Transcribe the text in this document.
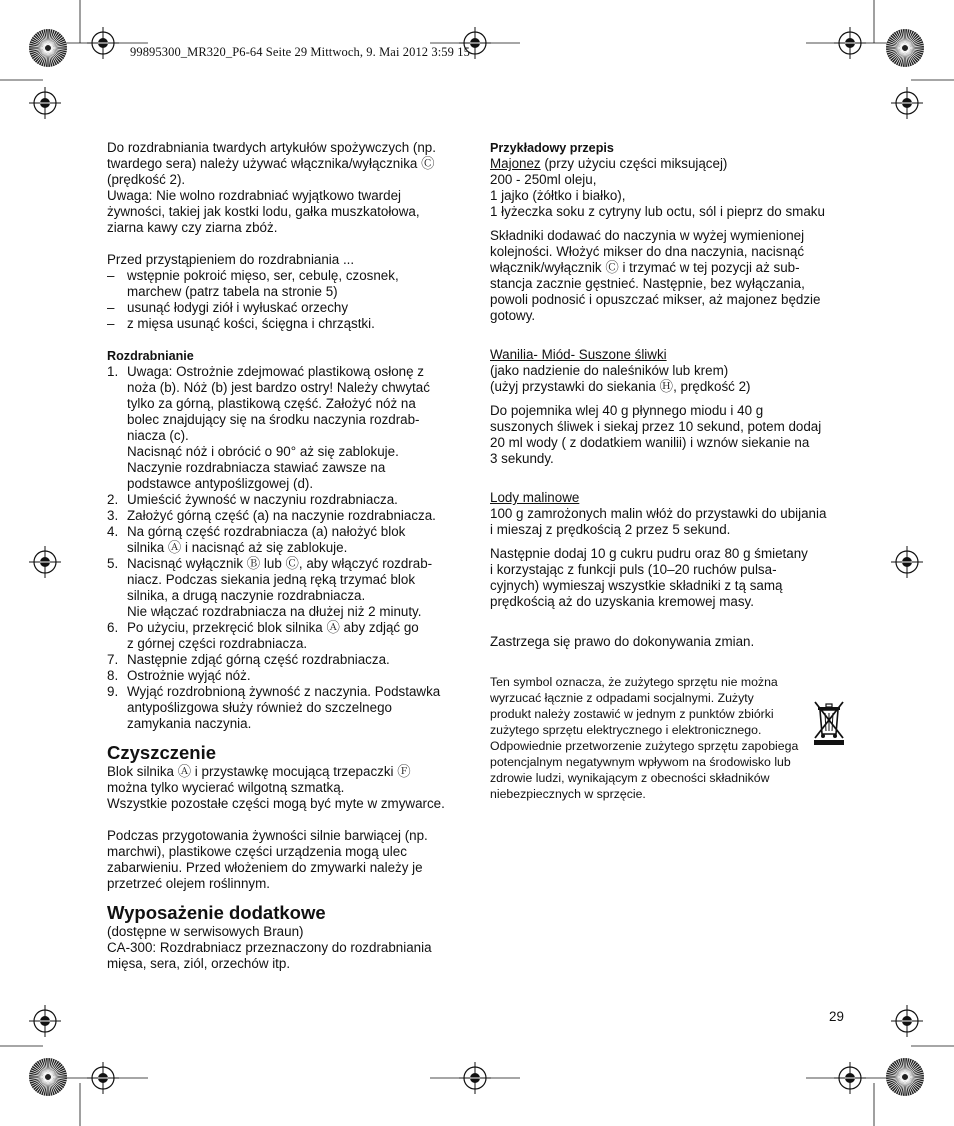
99895300_MR320_P6-64 Seite 29 Mittwoch, 9. Mai 2012 3:59 15
Do rozdrabniania twardych artykułów spożywczych (np.
twardego sera) należy używać włącznika/wyłącznika Ⓒ
(prędkość 2).
Uwaga: Nie wolno rozdrabniać wyjątkowo twardej
żywności, takiej jak kostki lodu, gałka muszkatołowa,
ziarna kawy czy ziarna zbóż.
Przed przystąpieniem do rozdrabniania ...
– wstępnie pokroić mięso, ser, cebulę, czosnek,
marchew (patrz tabela na stronie 5)
– usunąć łodygi ziół i wyłuskać orzechy
– z mięsa usunąć kości, ścięgna i chrząstki.
Rozdrabnianie
1. Uwaga: Ostrożnie zdejmować plastikową osłonę z
noża (b). Nóż (b) jest bardzo ostry! Należy chwytać
tylko za górną, plastikową część. Założyć nóż na
bolec znajdujący się na środku naczynia rozdrab-
niacza (c).
Nacisnąć nóż i obrócić o 90° aż się zablokuje.
Naczynie rozdrabniacza stawiać zawsze na
podstawce antypoślizgowej (d).
2. Umieścić żywność w naczyniu rozdrabniacza.
3. Założyć górną część (a) na naczynie rozdrabniacza.
4. Na górną część rozdrabniacza (a) nałożyć blok
silnika Ⓐ i nacisnąć aż się zablokuje.
5. Nacisnąć wyłącznik Ⓑ lub Ⓒ, aby włączyć rozdrab-
niacz. Podczas siekania jedną ręką trzymać blok
silnika, a drugą naczynie rozdrabniacza.
Nie włączać rozdrabniacza na dłużej niż 2 minuty.
6. Po użyciu, przekręcić blok silnika Ⓐ aby zdjąć go
z górnej części rozdrabniacza.
7. Następnie zdjąć górną część rozdrabniacza.
8. Ostrożnie wyjąć nóż.
9. Wyjąć rozdrobnioną żywność z naczynia. Podstawka
antypoślizgowa służy również do szczelnego
zamykania naczynia.
Czyszczenie
Blok silnika Ⓐ i przystawkę mocującą trzepaczki Ⓕ
można tylko wycierać wilgotną szmatką.
Wszystkie pozostałe części mogą być myte w zmywarce.
Podczas przygotowania żywności silnie barwiącej (np.
marchwi), plastikowe części urządzenia mogą ulec
zabarwieniu. Przed włożeniem do zmywarki należy je
przetrzeć olejem roślinnym.
Wyposażenie dodatkowe
(dostępne w serwisowych Braun)
CA-300: Rozdrabniacz przeznaczony do rozdrabniania
mięsa, sera, ziól, orzechów itp.
Przykładowy przepis
Majonez (przy użyciu części miksującej)
200 - 250ml oleju,
1 jajko (żółtko i białko),
1 łyżeczka soku z cytryny lub octu, sól i pieprz do smaku
Składniki dodawać do naczynia w wyżej wymienionej
kolejności. Włożyć mikser do dna naczynia, nacisnąć
włącznik/wyłącznik Ⓒ i trzymać w tej pozycji aż sub-
stancja zacznie gęstnieć. Następnie, bez wyłączania,
powoli podnosić i opuszczać mikser, aż majonez będzie
gotowy.
Wanilia- Miód- Suszone śliwki
(jako nadzienie do naleśników lub krem)
(użyj przystawki do siekania Ⓗ, prędkość 2)
Do pojemnika wlej 40 g płynnego miodu i 40 g
suszonych śliwek i siekaj przez 10 sekund, potem dodaj
20 ml wody ( z dodatkiem wanilii) i wznów siekanie na
3 sekundy.
Lody malinowe
100 g zamrożonych malin włóż do przystawki do ubijania
i mieszaj z prędkością 2 przez 5 sekund.
Następnie dodaj 10 g cukru pudru oraz 80 g śmietany
i korzystając z funkcji puls (10–20 ruchów pulsa-
cyjnych) wymieszaj wszystkie składniki z tą samą
prędkością aż do uzyskania kremowej masy.
Zastrzega się prawo do dokonywania zmian.
Ten symbol oznacza, że zużytego sprzętu nie można
wyrzucać łącznie z odpadami socjalnymi. Zużyty
produkt należy zostawić w jednym z punktów zbiórki
zużytego sprzętu elektrycznego i elektronicznego.
Odpowiednie przetworzenie zużytego sprzętu zapobiega
potencjalnym negatywnym wpływom na środowisko lub
zdrowie ludzi, wynikającym z obecności składników
niebezpiecznych w sprzęcie.
29
